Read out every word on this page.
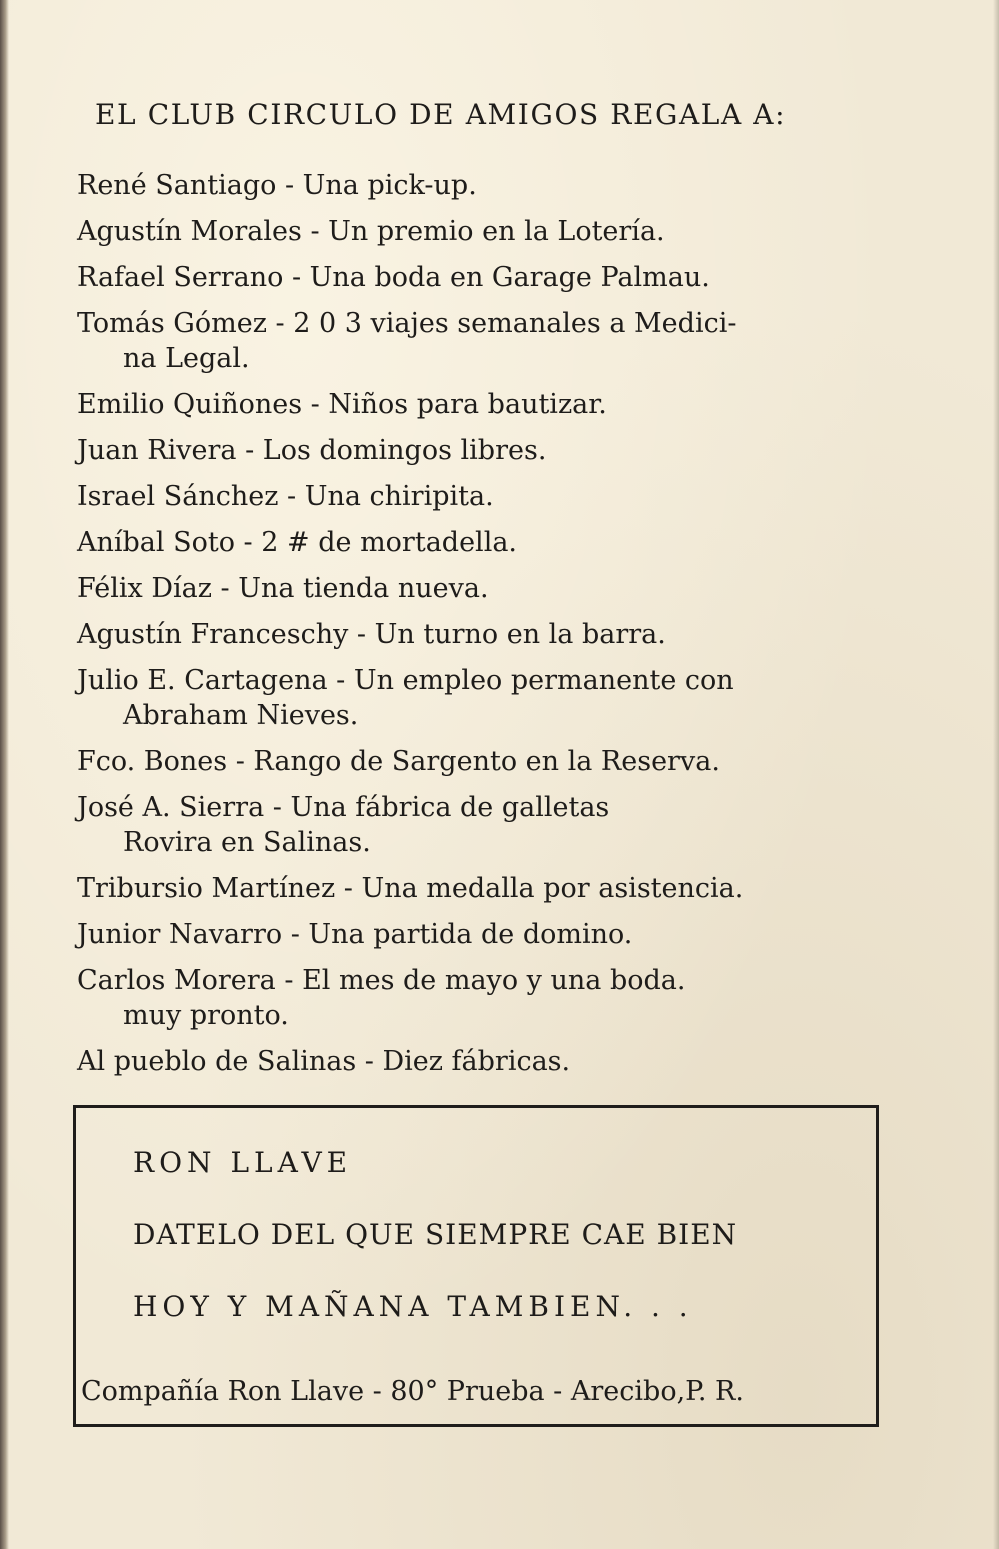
EL CLUB CIRCULO DE AMIGOS REGALA A:
René Santiago - Una pick-up.
Agustín Morales - Un premio en la Lotería.
Rafael Serrano - Una boda en Garage Palmau.
Tomás Gómez - 2 0 3 viajes semanales a Medici-
na Legal.
Emilio Quiñones - Niños para bautizar.
Juan Rivera - Los domingos libres.
Israel Sánchez - Una chiripita.
Aníbal Soto - 2 # de mortadella.
Félix Díaz - Una tienda nueva.
Agustín Franceschy - Un turno en la barra.
Julio E. Cartagena - Un empleo permanente con
Abraham Nieves.
Fco. Bones - Rango de Sargento en la Reserva.
José A. Sierra - Una fábrica de galletas
Rovira en Salinas.
Tribursio Martínez - Una medalla por asistencia.
Junior Navarro - Una partida de domino.
Carlos Morera - El mes de mayo y una boda.
muy pronto.
Al pueblo de Salinas - Diez fábricas.

RON LLAVE

DATELO DEL QUE SIEMPRE CAE BIEN

HOY Y MAÑANA TAMBIEN. . .

Compañía Ron Llave - 80° Prueba - Arecibo,P. R.
